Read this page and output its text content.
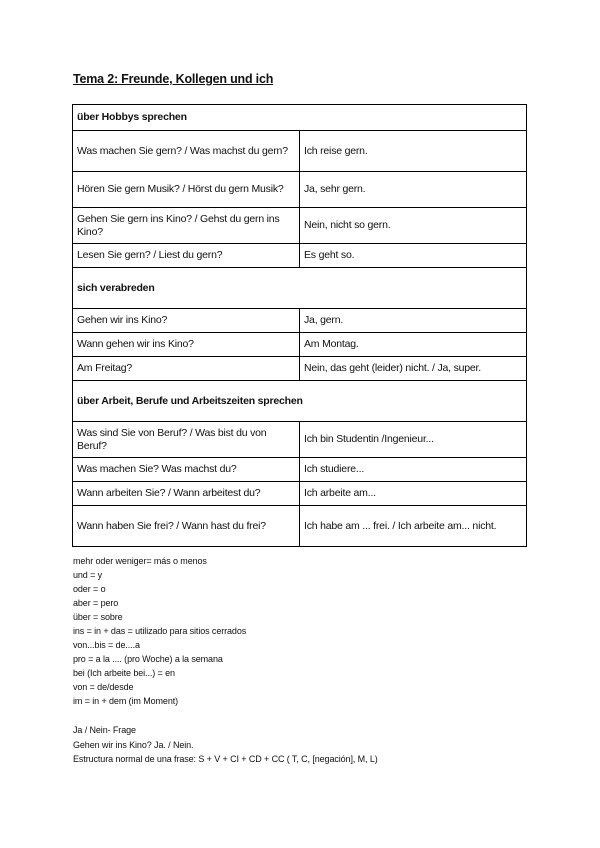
Tema 2: Freunde, Kollegen und ich
über Hobbys sprechen	
Was machen Sie gern? / Was machst du gern?	Ich reise gern.
Hören Sie gern Musik? / Hörst du gern Musik?	Ja, sehr gern.
Gehen Sie gern ins Kino? / Gehst du gern ins Kino?	Nein, nicht so gern.
Lesen Sie gern? / Liest du gern?	Es geht so.
sich verabreden	
Gehen wir ins Kino?	Ja, gern.
Wann gehen wir ins Kino?	Am Montag.
Am Freitag?	Nein, das geht (leider) nicht. / Ja, super.
über Arbeit, Berufe und Arbeitszeiten sprechen	
Was sind Sie von Beruf? / Was bist du von Beruf?	Ich bin Studentin /Ingenieur...
Was machen Sie? Was machst du?	Ich studiere...
Wann arbeiten Sie? / Wann arbeitest du?	Ich arbeite am...
Wann haben Sie frei? / Wann hast du frei?	Ich habe am ... frei. / Ich arbeite am... nicht.
mehr oder weniger= más o menos
und = y
oder = o
aber = pero
über = sobre
ins = in + das = utilizado para sitios cerrados
von...bis = de....a
pro = a la .... (pro Woche) a la semana
bei (Ich arbeite bei...) = en
von = de/desde
im = in + dem (im Moment)
Ja / Nein- Frage
Gehen wir ins Kino? Ja. / Nein.
Estructura normal de una frase: S + V + CI + CD + CC ( T, C, [negación], M, L)
